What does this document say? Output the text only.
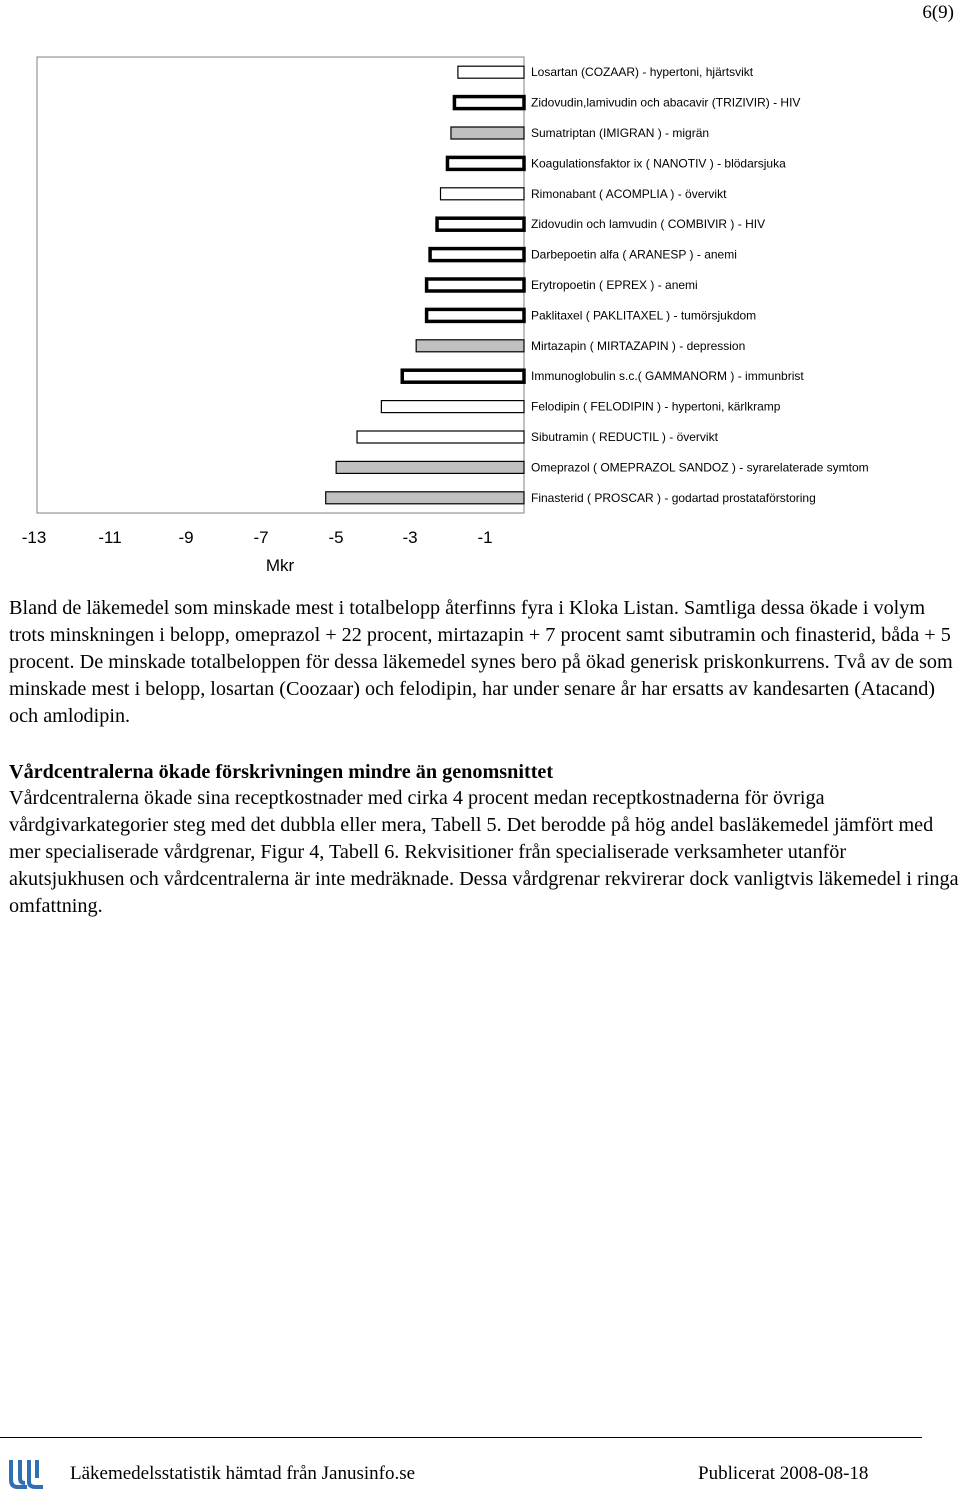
6(9)
Losartan (COZAAR) - hypertoni, hjärtsvikt
Zidovudin,lamivudin och abacavir (TRIZIVIR) - HIV
Sumatriptan (IMIGRAN ) - migrän
Koagulationsfaktor ix ( NANOTIV ) - blödarsjuka
Rimonabant ( ACOMPLIA ) - övervikt
Zidovudin och lamvudin ( COMBIVIR ) - HIV
Darbepoetin alfa ( ARANESP ) - anemi
Erytropoetin ( EPREX ) - anemi
Paklitaxel ( PAKLITAXEL ) - tumörsjukdom
Mirtazapin ( MIRTAZAPIN ) - depression
Immunoglobulin s.c.( GAMMANORM ) - immunbrist
Felodipin ( FELODIPIN ) - hypertoni, kärlkramp
Sibutramin ( REDUCTIL ) - övervikt
Omeprazol ( OMEPRAZOL SANDOZ ) - syrarelaterade symtom
Finasterid ( PROSCAR ) - godartad prostataförstoring
-13	-11	-9	-7	-5	-3	-1
Mkr

Bland de läkemedel som minskade mest i totalbelopp återfinns fyra i Kloka Listan. Samtliga dessa ökade i volym trots minskningen i belopp, omeprazol + 22 procent, mirtazapin + 7 procent samt sibutramin och finasterid, båda + 5 procent. De minskade totalbeloppen för dessa läkemedel synes bero på ökad generisk priskonkurrens. Två av de som minskade mest i belopp, losartan (Coozaar) och felodipin, har under senare år har ersatts av kandesarten (Atacand) och amlodipin.

Vårdcentralerna ökade förskrivningen mindre än genomsnittet

Vårdcentralerna ökade sina receptkostnader med cirka 4 procent medan receptkostnaderna för övriga vårdgivarkategorier steg med det dubbla eller mera, Tabell 5. Det berodde på hög andel basläkemedel jämfört med mer specialiserade vårdgrenar, Figur 4, Tabell 6. Rekvisitioner från specialiserade verksamheter utanför akutsjukhusen och vårdcentralerna är inte medräknade. Dessa vårdgrenar rekvirerar dock vanligtvis läkemedel i ringa omfattning.

Läkemedelsstatistik hämtad från Janusinfo.se	Publicerat 2008-08-18
